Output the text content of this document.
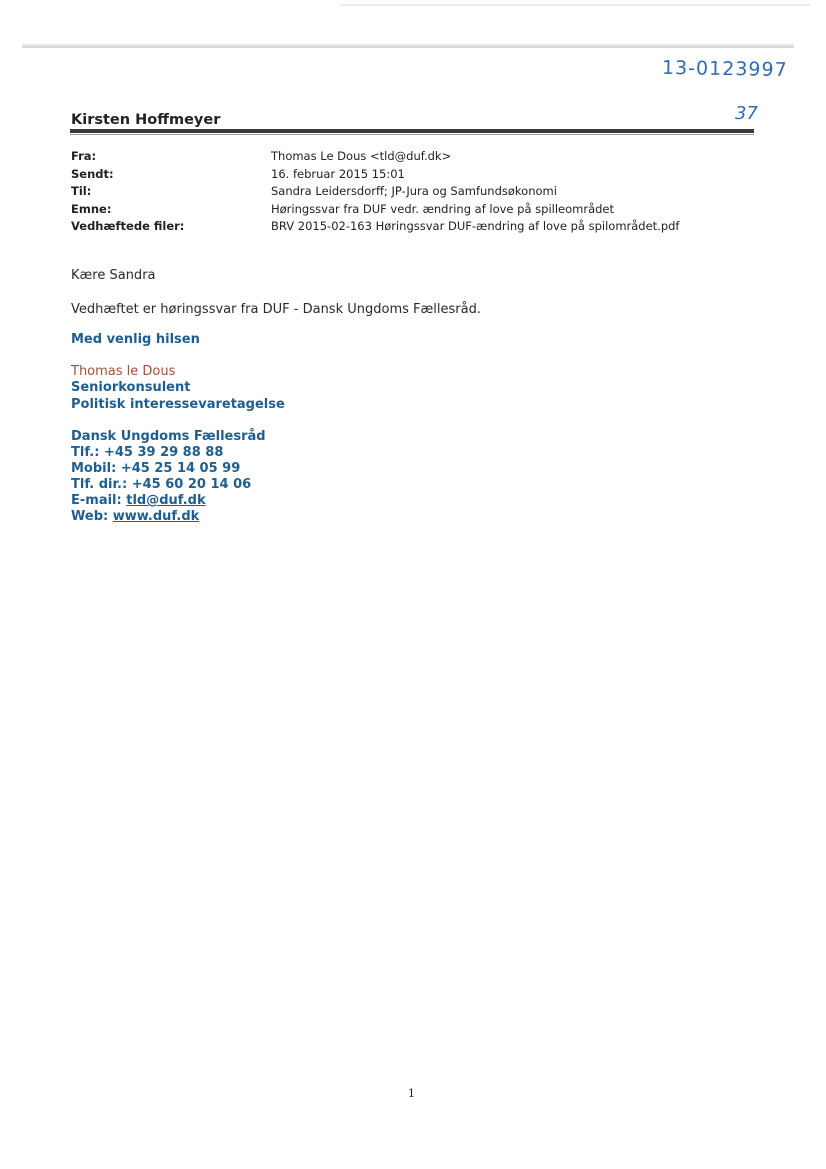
13-0123997
37
Kirsten Hoffmeyer
Fra:	Thomas Le Dous <tld@duf.dk>
Sendt:	16. februar 2015 15:01
Til:	Sandra Leidersdorff; JP-Jura og Samfundsøkonomi
Emne:	Høringssvar fra DUF vedr. ændring af love på spilleområdet
Vedhæftede filer:	BRV 2015-02-163 Høringssvar DUF-ændring af love på spilområdet.pdf
Kære Sandra
Vedhæftet er høringssvar fra DUF - Dansk Ungdoms Fællesråd.
Med venlig hilsen
Thomas le Dous
Seniorkonsulent
Politisk interessevaretagelse
Dansk Ungdoms Fællesråd
Tlf.: +45 39 29 88 88
Mobil: +45 25 14 05 99
Tlf. dir.: +45 60 20 14 06
E-mail: tld@duf.dk
Web: www.duf.dk
1
